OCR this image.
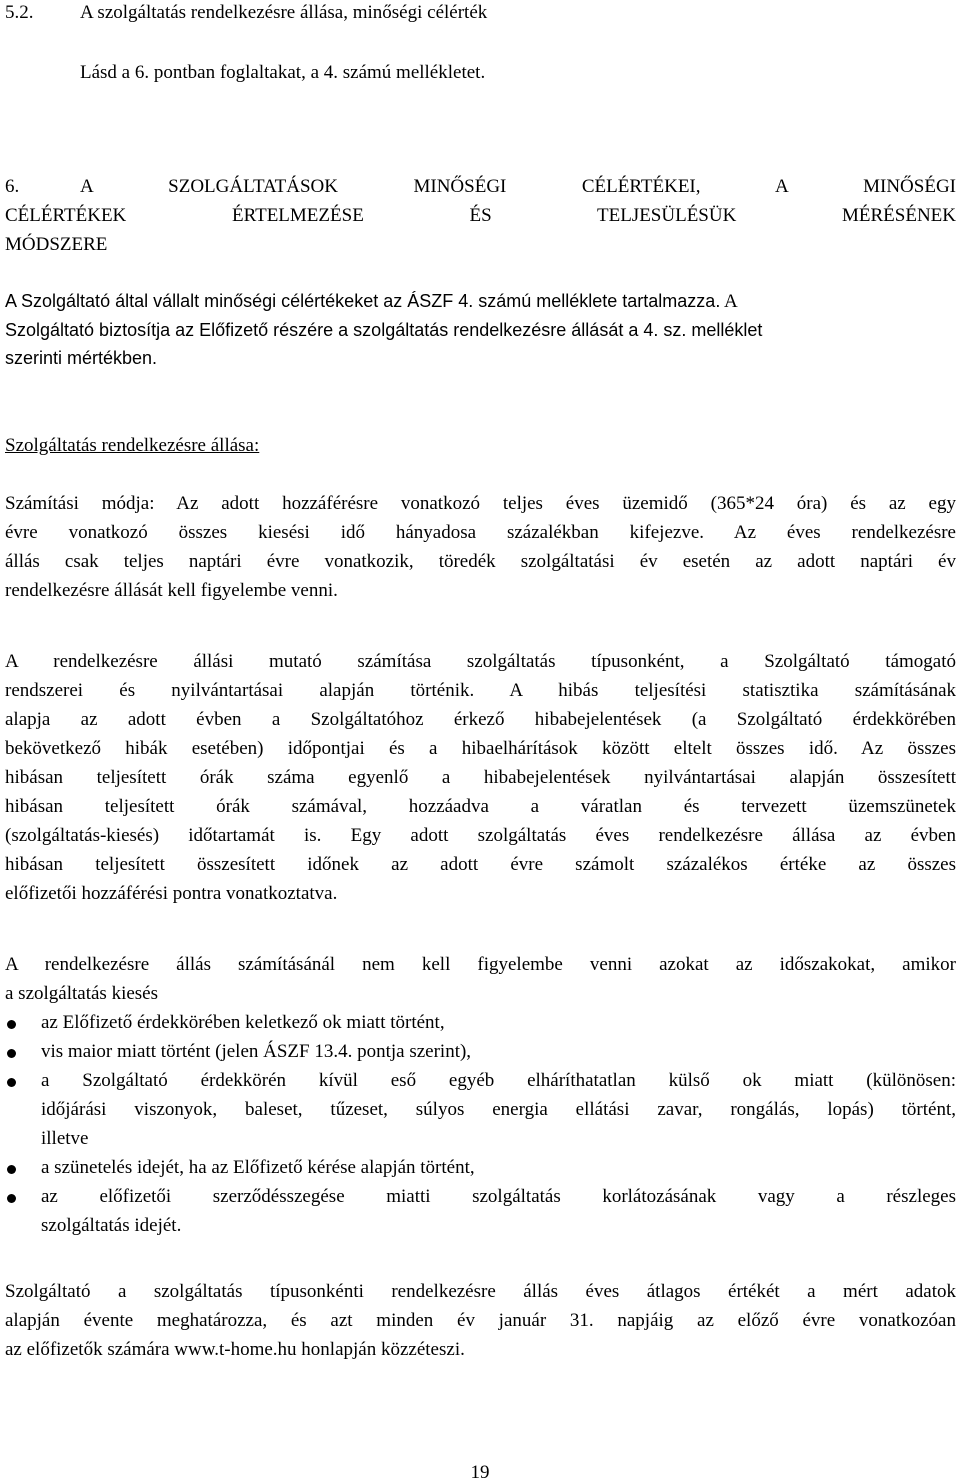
5.2. A szolgáltatás rendelkezésre állása, minőségi célérték
Lásd a 6. pontban foglaltakat, a 4. számú mellékletet.
6.	A SZOLGÁLTATÁSOK MINŐSÉGI CÉLÉRTÉKEI, A MINŐSÉGI
CÉLÉRTÉKEK ÉRTELMEZÉSE ÉS TELJESÜLÉSÜK MÉRÉSÉNEK
MÓDSZERE
A Szolgáltató által vállalt minőségi célértékeket az ÁSZF 4. számú melléklete tartalmazza. A
Szolgáltató biztosítja az Előfizető részére a szolgáltatás rendelkezésre állását a 4. sz. melléklet
szerinti mértékben.
Szolgáltatás rendelkezésre állása:
Számítási módja: Az adott hozzáférésre vonatkozó teljes éves üzemidő (365*24 óra) és az egy
évre vonatkozó összes kiesési idő hányadosa százalékban kifejezve. Az éves rendelkezésre
állás csak teljes naptári évre vonatkozik, töredék szolgáltatási év esetén az adott naptári év
rendelkezésre állását kell figyelembe venni.
A rendelkezésre állási mutató számítása szolgáltatás típusonként, a Szolgáltató támogató
rendszerei és nyilvántartásai alapján történik. A hibás teljesítési statisztika számításának
alapja az adott évben a Szolgáltatóhoz érkező hibabejelentések (a Szolgáltató érdekkörében
bekövetkező hibák esetében) időpontjai és a hibaelhárítások között eltelt összes idő. Az összes
hibásan teljesített órák száma egyenlő a hibabejelentések nyilvántartásai alapján összesített
hibásan teljesített órák számával, hozzáadva a váratlan és tervezett üzemszünetek
(szolgáltatás-kiesés) időtartamát is. Egy adott szolgáltatás éves rendelkezésre állása az évben
hibásan teljesített összesített időnek az adott évre számolt százalékos értéke az összes
előfizetői hozzáférési pontra vonatkoztatva.
A rendelkezésre állás számításánál nem kell figyelembe venni azokat az időszakokat, amikor
a szolgáltatás kiesés
az Előfizető érdekkörében keletkező ok miatt történt,
vis maior miatt történt (jelen ÁSZF 13.4. pontja szerint),
a Szolgáltató érdekkörén kívül eső egyéb elháríthatatlan külső ok miatt (különösen:
időjárási viszonyok, baleset, tűzeset, súlyos energia ellátási zavar, rongálás, lopás) történt,
illetve
a szünetelés idejét, ha az Előfizető kérése alapján történt,
az előfizetői szerződésszegése miatti szolgáltatás korlátozásának vagy a részleges
szolgáltatás idejét.
Szolgáltató a szolgáltatás típusonkénti rendelkezésre állás éves átlagos értékét a mért adatok
alapján évente meghatározza, és azt minden év január 31. napjáig az előző évre vonatkozóan
az előfizetők számára www.t-home.hu honlapján közzéteszi.
19
